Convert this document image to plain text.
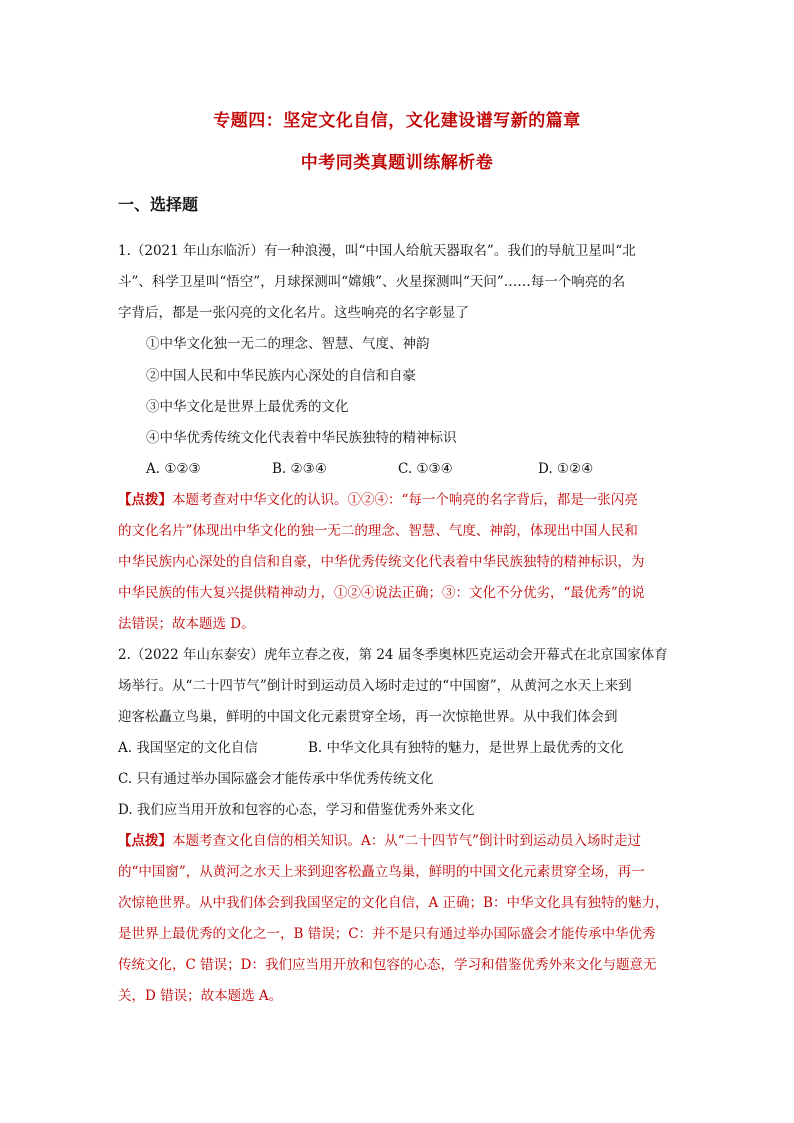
专题四：坚定文化自信，文化建设谱写新的篇章
中考同类真题训练解析卷
一、选择题
1.（2021 年山东临沂）有一种浪漫，叫“中国人给航天器取名”。我们的导航卫星叫“北
斗”、科学卫星叫“悟空”，月球探测叫“嫦娥”、火星探测叫“天问”……每一个响亮的名
字背后，都是一张闪亮的文化名片。这些响亮的名字彰显了
①中华文化独一无二的理念、智慧、气度、神韵
②中国人民和中华民族内心深处的自信和自豪
③中华文化是世界上最优秀的文化
④中华优秀传统文化代表着中华民族独特的精神标识
A. ①②③	B. ②③④	C. ①③④	D. ①②④
【点拨】本题考查对中华文化的认识。①②④：“每一个响亮的名字背后，都是一张闪亮
的文化名片”体现出中华文化的独一无二的理念、智慧、气度、神韵，体现出中国人民和
中华民族内心深处的自信和自豪，中华优秀传统文化代表着中华民族独特的精神标识，为
中华民族的伟大复兴提供精神动力，①②④说法正确；③：文化不分优劣，“最优秀”的说
法错误；故本题选 D。
2.（2022 年山东泰安）虎年立春之夜，第 24 届冬季奥林匹克运动会开幕式在北京国家体育
场举行。从“二十四节气”倒计时到运动员入场时走过的“中国窗”，从黄河之水天上来到
迎客松矗立鸟巢，鲜明的中国文化元素贯穿全场，再一次惊艳世界。从中我们体会到
A. 我国坚定的文化自信	B. 中华文化具有独特的魅力，是世界上最优秀的文化
C. 只有通过举办国际盛会才能传承中华优秀传统文化
D. 我们应当用开放和包容的心态，学习和借鉴优秀外来文化
【点拨】本题考查文化自信的相关知识。A：从“二十四节气”倒计时到运动员入场时走过
的“中国窗”，从黄河之水天上来到迎客松矗立鸟巢，鲜明的中国文化元素贯穿全场，再一
次惊艳世界。从中我们体会到我国坚定的文化自信，A 正确；B：中华文化具有独特的魅力，
是世界上最优秀的文化之一，B 错误；C：并不是只有通过举办国际盛会才能传承中华优秀
传统文化，C 错误；D：我们应当用开放和包容的心态，学习和借鉴优秀外来文化与题意无
关，D 错误；故本题选 A。
